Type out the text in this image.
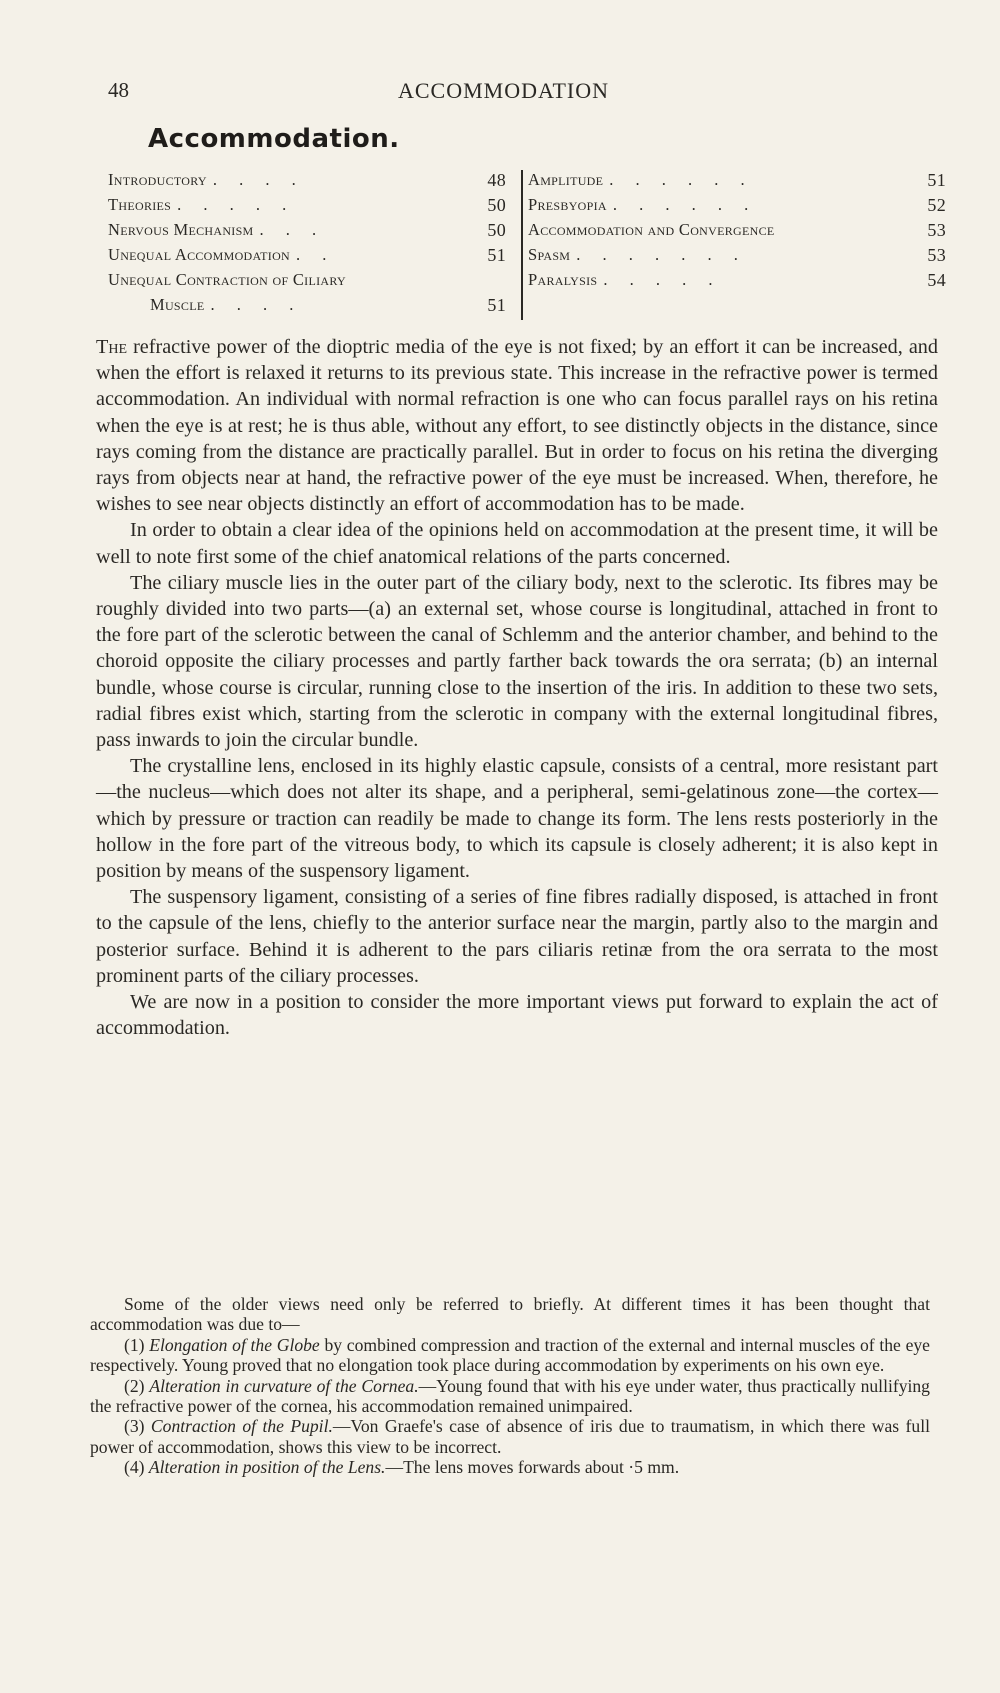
48	ACCOMMODATION
Accommodation.
Introductory . . . .	48
Theories . . . . .	50
Nervous Mechanism . . .	50
Unequal Accommodation . .	51
Unequal Contraction of Ciliary
Muscle . . . .	51
Amplitude . . . . . .	51
Presbyopia . . . . . .	52
Accommodation and Convergence	53
Spasm . . . . . . .	53
Paralysis . . . . .	54

The refractive power of the dioptric media of the eye is not fixed; by an effort it can be increased, and when the effort is relaxed it returns to its previous state. This increase in the refractive power is termed accommodation. An individual with normal refraction is one who can focus parallel rays on his retina when the eye is at rest; he is thus able, without any effort, to see distinctly objects in the distance, since rays coming from the distance are practically parallel. But in order to focus on his retina the diverging rays from objects near at hand, the refractive power of the eye must be increased. When, therefore, he wishes to see near objects distinctly an effort of accommodation has to be made.

In order to obtain a clear idea of the opinions held on accommodation at the present time, it will be well to note first some of the chief anatomical relations of the parts concerned.

The ciliary muscle lies in the outer part of the ciliary body, next to the sclerotic. Its fibres may be roughly divided into two parts—(a) an external set, whose course is longitudinal, attached in front to the fore part of the sclerotic between the canal of Schlemm and the anterior chamber, and behind to the choroid opposite the ciliary processes and partly farther back towards the ora serrata; (b) an internal bundle, whose course is circular, running close to the insertion of the iris. In addition to these two sets, radial fibres exist which, starting from the sclerotic in company with the external longitudinal fibres, pass inwards to join the circular bundle.

The crystalline lens, enclosed in its highly elastic capsule, consists of a central, more resistant part—the nucleus—which does not alter its shape, and a peripheral, semi-gelatinous zone—the cortex—which by pressure or traction can readily be made to change its form. The lens rests posteriorly in the hollow in the fore part of the vitreous body, to which its capsule is closely adherent; it is also kept in position by means of the suspensory ligament.

The suspensory ligament, consisting of a series of fine fibres radially disposed, is attached in front to the capsule of the lens, chiefly to the anterior surface near the margin, partly also to the margin and posterior surface. Behind it is adherent to the pars ciliaris retinæ from the ora serrata to the most prominent parts of the ciliary processes.

We are now in a position to consider the more important views put forward to explain the act of accommodation.

Some of the older views need only be referred to briefly. At different times it has been thought that accommodation was due to—

(1) Elongation of the Globe by combined compression and traction of the external and internal muscles of the eye respectively. Young proved that no elongation took place during accommodation by experiments on his own eye.

(2) Alteration in curvature of the Cornea.—Young found that with his eye under water, thus practically nullifying the refractive power of the cornea, his accommodation remained unimpaired.

(3) Contraction of the Pupil.—Von Graefe's case of absence of iris due to traumatism, in which there was full power of accommodation, shows this view to be incorrect.

(4) Alteration in position of the Lens.—The lens moves forwards about ·5 mm.
